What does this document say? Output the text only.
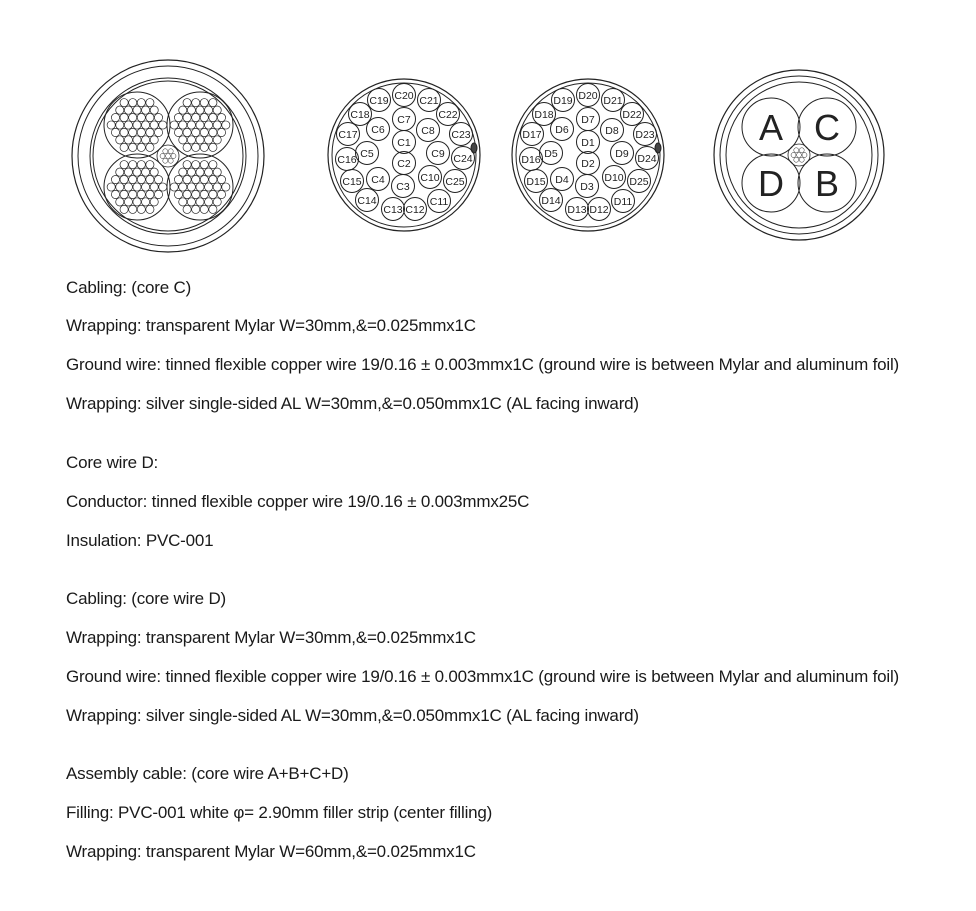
C1
C2
C3
C4
C5
C6
C7
C8
C9
C10
C11
C12
C13
C14
C15
C16
C17
C18
C19 C20 C21
C22
C23
C24
C25
D1
D2
D3
D4
D5
D6
D7
D8
D9
D10
D11
D12
D13
D14
D15
D16
D17
D18
D19 D20 D21
D22
D23
D24
D25
A C
D B
Cabling: (core C)
Wrapping: transparent Mylar W=30mm,&=0.025mmx1C
Ground wire: tinned flexible copper wire 19/0.16 ± 0.003mmx1C (ground wire is between Mylar and aluminum foil)
Wrapping: silver single-sided AL W=30mm,&=0.050mmx1C (AL facing inward)
Core wire D:
Conductor: tinned flexible copper wire 19/0.16 ± 0.003mmx25C
Insulation: PVC-001
Cabling: (core wire D)
Wrapping: transparent Mylar W=30mm,&=0.025mmx1C
Ground wire: tinned flexible copper wire 19/0.16 ± 0.003mmx1C (ground wire is between Mylar and aluminum foil)
Wrapping: silver single-sided AL W=30mm,&=0.050mmx1C (AL facing inward)
Assembly cable: (core wire A+B+C+D)
Filling: PVC-001 white φ= 2.90mm filler strip (center filling)
Wrapping: transparent Mylar W=60mm,&=0.025mmx1C
